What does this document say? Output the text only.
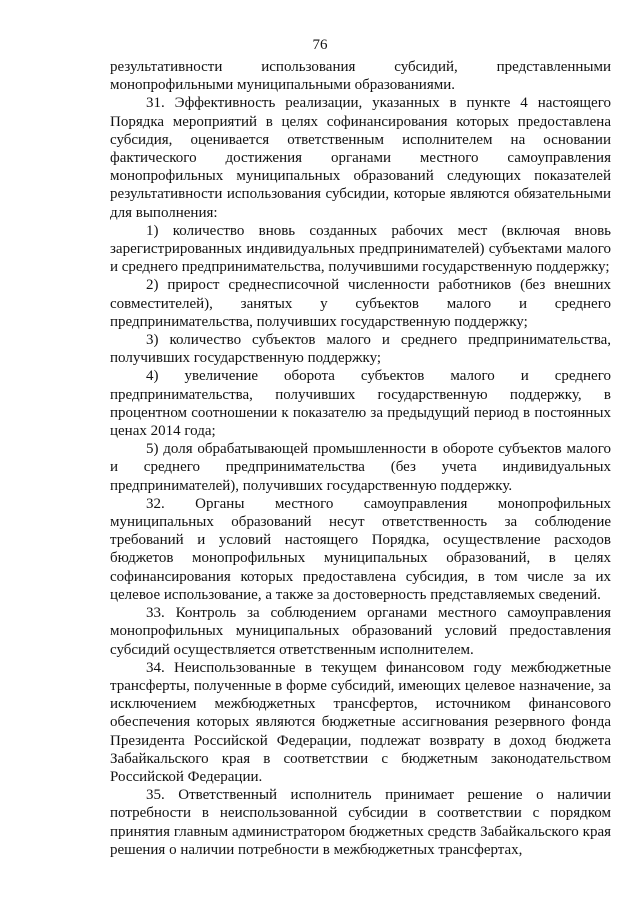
76

результативности использования субсидий, представленными монопрофильными муниципальными образованиями.

31. Эффективность реализации, указанных в пункте 4 настоящего Порядка мероприятий в целях софинансирования которых предоставлена субсидия, оценивается ответственным исполнителем на основании фактического достижения органами местного самоуправления монопрофильных муниципальных образований следующих показателей результативности использования субсидии, которые являются обязательными для выполнения:

1) количество вновь созданных рабочих мест (включая вновь зарегистрированных индивидуальных предпринимателей) субъектами малого и среднего предпринимательства, получившими государственную поддержку;

2) прирост среднесписочной численности работников (без внешних совместителей), занятых у субъектов малого и среднего предпринимательства, получивших государственную поддержку;

3) количество субъектов малого и среднего предпринимательства, получивших государственную поддержку;

4) увеличение оборота субъектов малого и среднего предпринимательства, получивших государственную поддержку, в процентном соотношении к показателю за предыдущий период в постоянных ценах 2014 года;

5) доля обрабатывающей промышленности в обороте субъектов малого и среднего предпринимательства (без учета индивидуальных предпринимателей), получивших государственную поддержку.

32. Органы местного самоуправления монопрофильных муниципальных образований несут ответственность за соблюдение требований и условий настоящего Порядка, осуществление расходов бюджетов монопрофильных муниципальных образований, в целях софинансирования которых предоставлена субсидия, в том числе за их целевое использование, а также за достоверность представляемых сведений.

33. Контроль за соблюдением органами местного самоуправления монопрофильных муниципальных образований условий предоставления субсидий осуществляется ответственным исполнителем.

34. Неиспользованные в текущем финансовом году межбюджетные трансферты, полученные в форме субсидий, имеющих целевое назначение, за исключением межбюджетных трансфертов, источником финансового обеспечения которых являются бюджетные ассигнования резервного фонда Президента Российской Федерации, подлежат возврату в доход бюджета Забайкальского края в соответствии с бюджетным законодательством Российской Федерации.

35. Ответственный исполнитель принимает решение о наличии потребности в неиспользованной субсидии в соответствии с порядком принятия главным администратором бюджетных средств Забайкальского края решения о наличии потребности в межбюджетных трансфертах,
